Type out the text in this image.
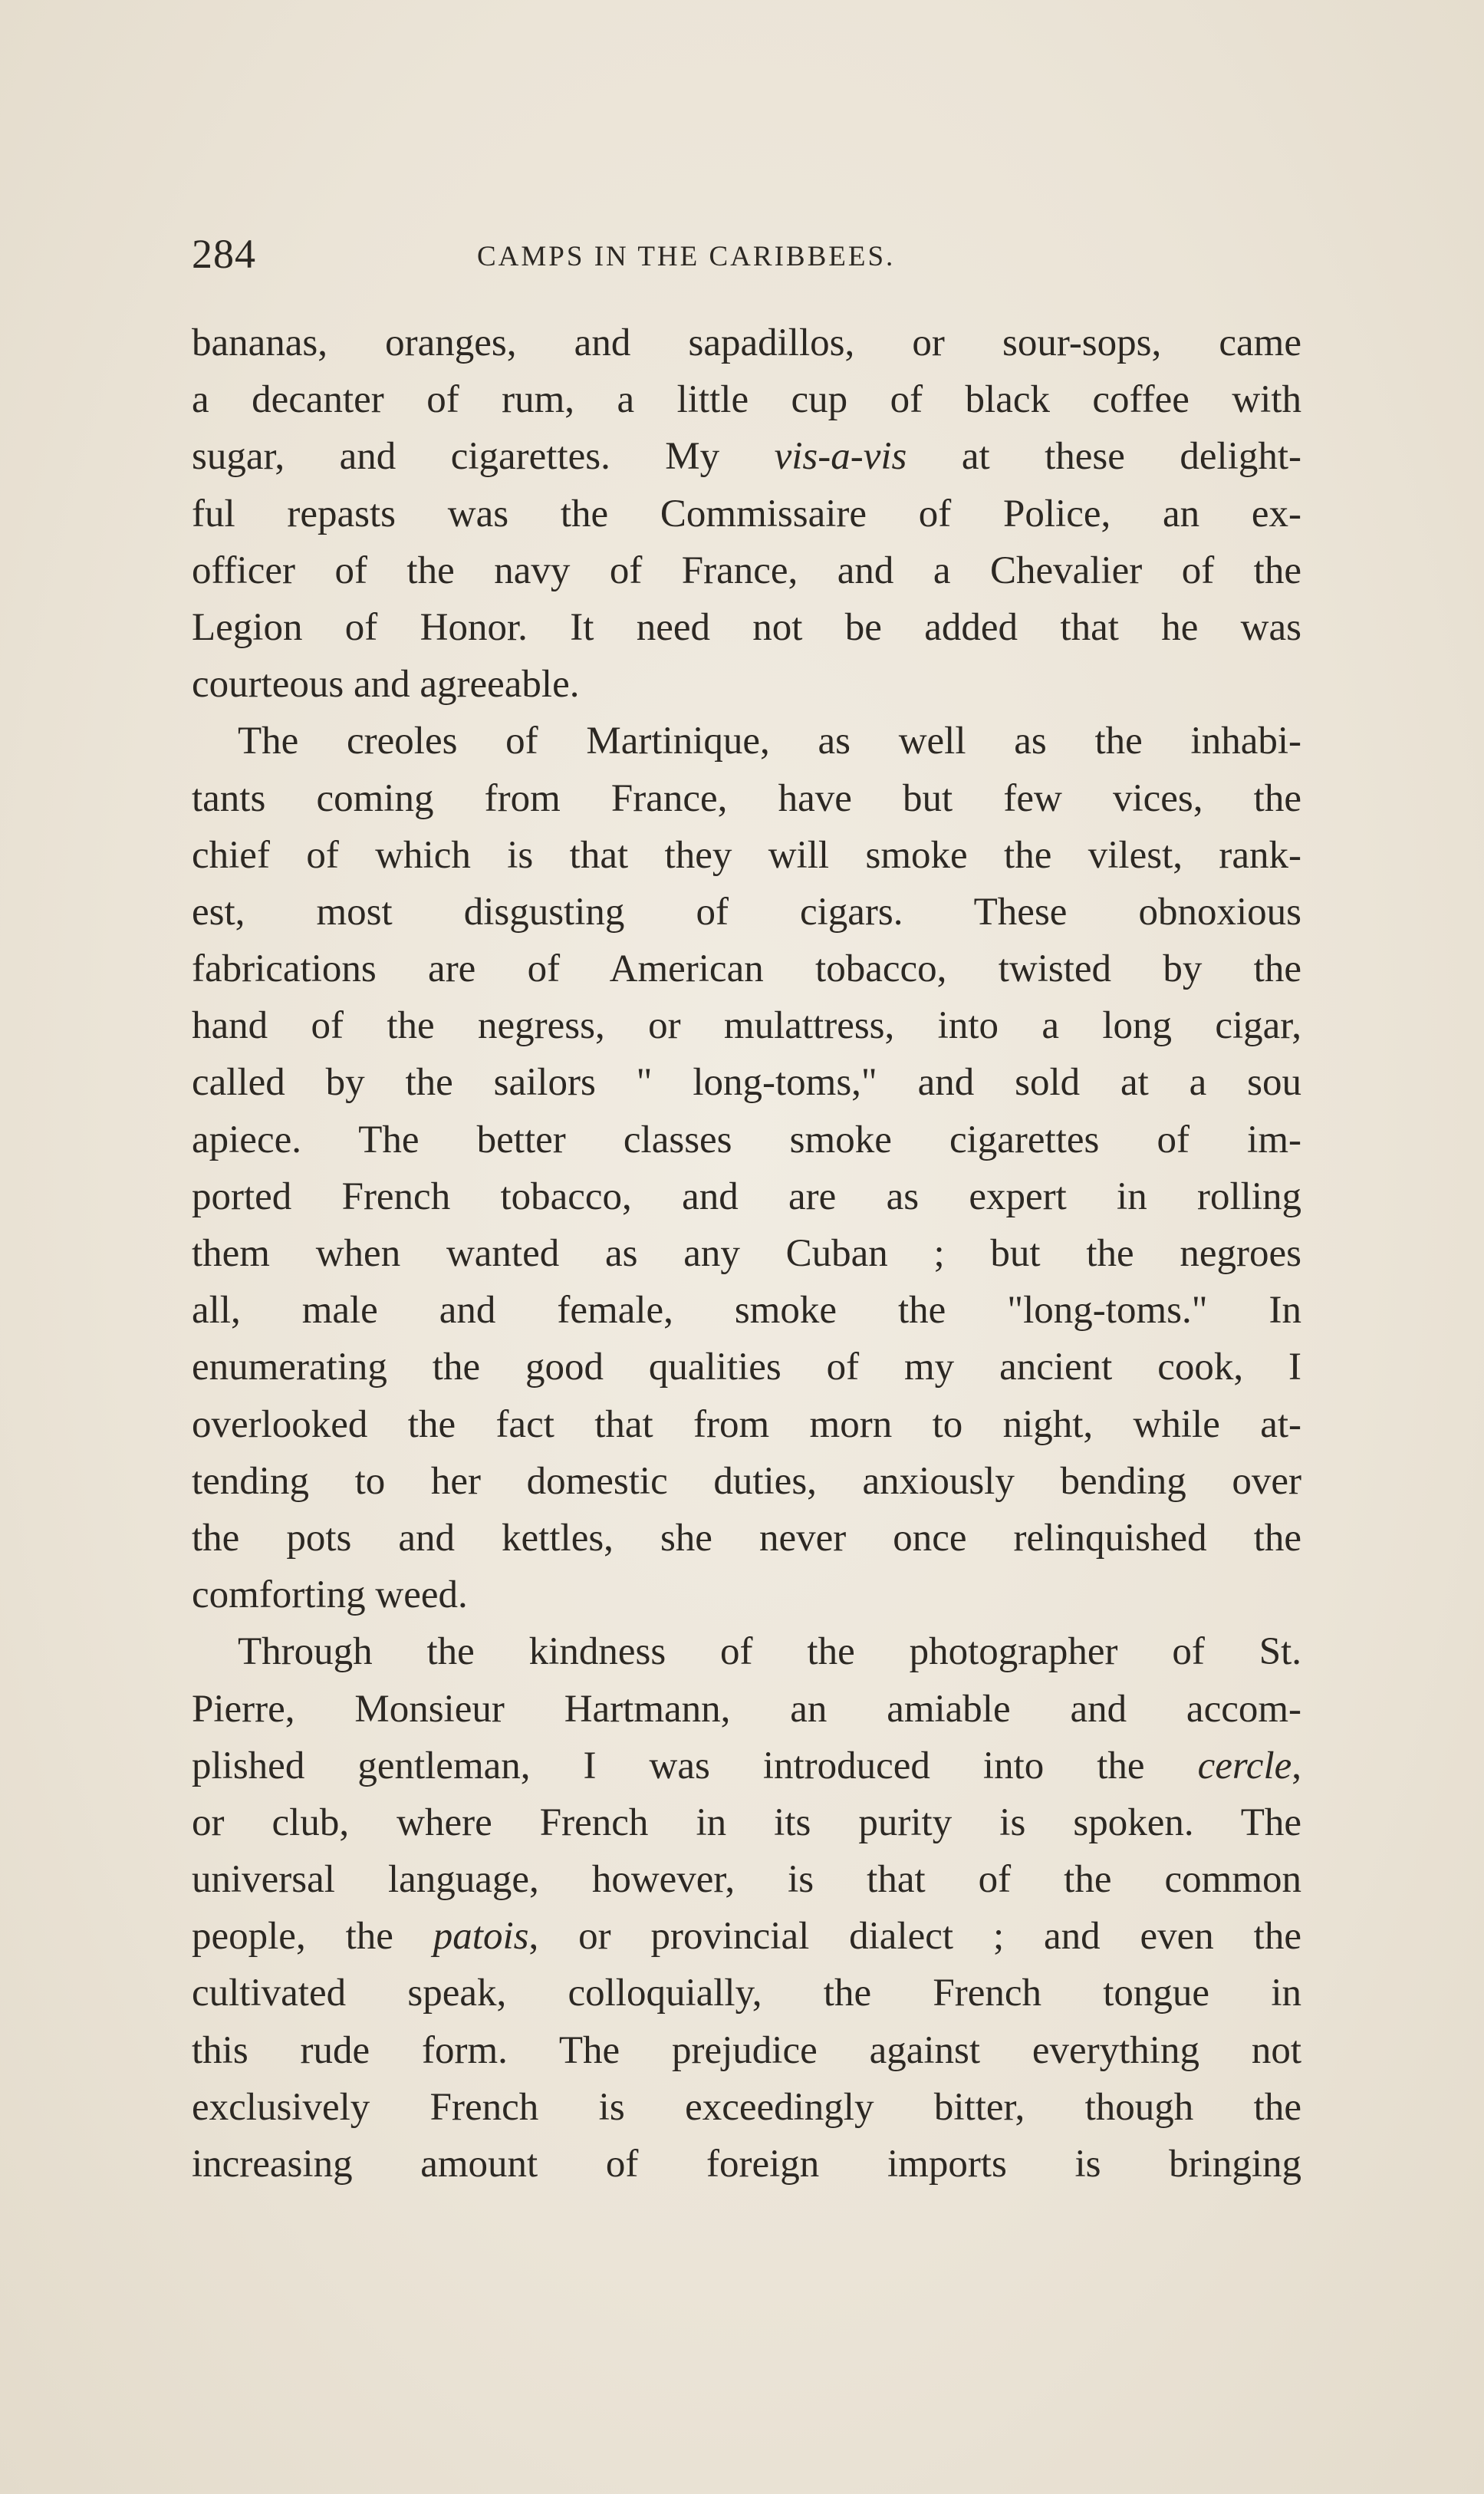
284	CAMPS IN THE CARIBBEES.
bananas, oranges, and sapadillos, or sour-sops, came
a decanter of rum, a little cup of black coffee with
sugar, and cigarettes. My vis-a-vis at these delight-
ful repasts was the Commissaire of Police, an ex-
officer of the navy of France, and a Chevalier of the
Legion of Honor. It need not be added that he was
courteous and agreeable.
The creoles of Martinique, as well as the inhabi-
tants coming from France, have but few vices, the
chief of which is that they will smoke the vilest, rank-
est, most disgusting of cigars. These obnoxious
fabrications are of American tobacco, twisted by the
hand of the negress, or mulattress, into a long cigar,
called by the sailors " long-toms," and sold at a sou
apiece. The better classes smoke cigarettes of im-
ported French tobacco, and are as expert in rolling
them when wanted as any Cuban ; but the negroes
all, male and female, smoke the "long-toms." In
enumerating the good qualities of my ancient cook, I
overlooked the fact that from morn to night, while at-
tending to her domestic duties, anxiously bending over
the pots and kettles, she never once relinquished the
comforting weed.
Through the kindness of the photographer of St.
Pierre, Monsieur Hartmann, an amiable and accom-
plished gentleman, I was introduced into the cercle,
or club, where French in its purity is spoken. The
universal language, however, is that of the common
people, the patois, or provincial dialect ; and even the
cultivated speak, colloquially, the French tongue in
this rude form. The prejudice against everything not
exclusively French is exceedingly bitter, though the
increasing amount of foreign imports is bringing
